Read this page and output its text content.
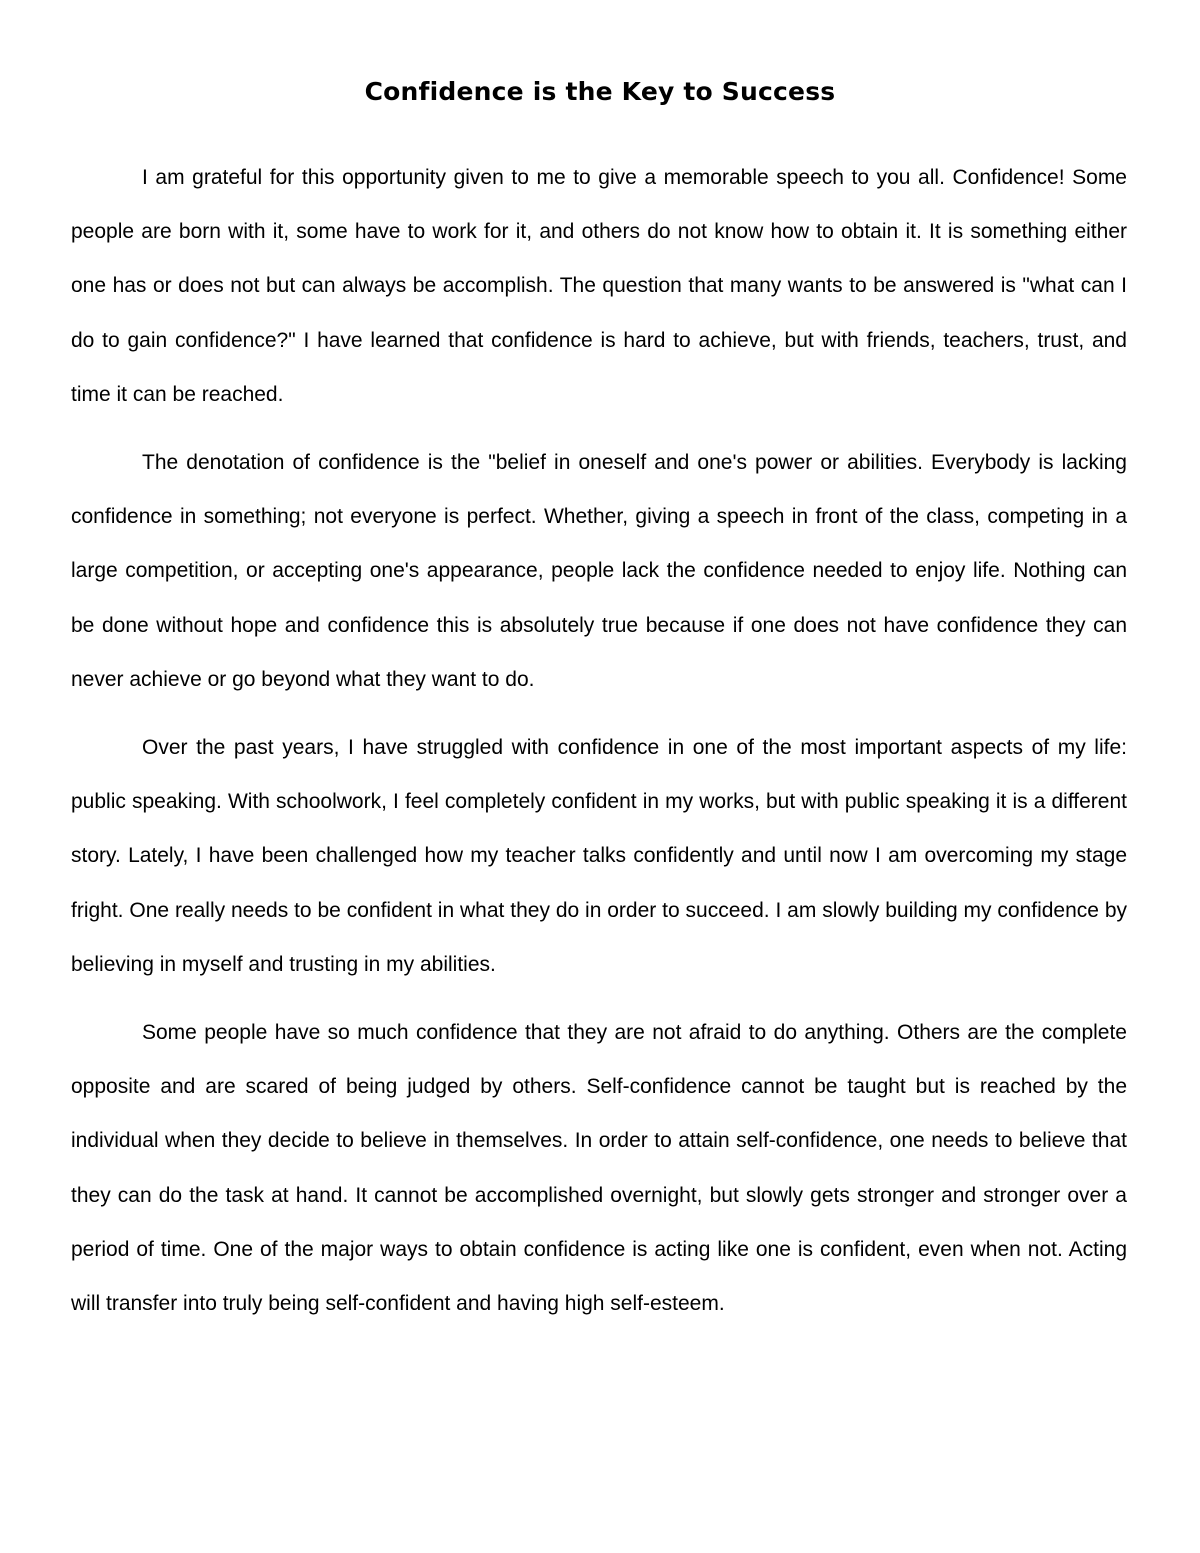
Confidence is the Key to Success

I am grateful for this opportunity given to me to give a memorable speech to you all. Confidence! Some people are born with it, some have to work for it, and others do not know how to obtain it. It is something either one has or does not but can always be accomplish. The question that many wants to be answered is "what can I do to gain confidence?" I have learned that confidence is hard to achieve, but with friends, teachers, trust, and time it can be reached.

The denotation of confidence is the "belief in oneself and one's power or abilities. Everybody is lacking confidence in something; not everyone is perfect. Whether, giving a speech in front of the class, competing in a large competition, or accepting one's appearance, people lack the confidence needed to enjoy life. Nothing can be done without hope and confidence this is absolutely true because if one does not have confidence they can never achieve or go beyond what they want to do.

Over the past years, I have struggled with confidence in one of the most important aspects of my life: public speaking. With schoolwork, I feel completely confident in my works, but with public speaking it is a different story. Lately, I have been challenged how my teacher talks confidently and until now I am overcoming my stage fright. One really needs to be confident in what they do in order to succeed. I am slowly building my confidence by believing in myself and trusting in my abilities.

Some people have so much confidence that they are not afraid to do anything. Others are the complete opposite and are scared of being judged by others. Self-confidence cannot be taught but is reached by the individual when they decide to believe in themselves. In order to attain self-confidence, one needs to believe that they can do the task at hand. It cannot be accomplished overnight, but slowly gets stronger and stronger over a period of time. One of the major ways to obtain confidence is acting like one is confident, even when not. Acting will transfer into truly being self-confident and having high self-esteem.
